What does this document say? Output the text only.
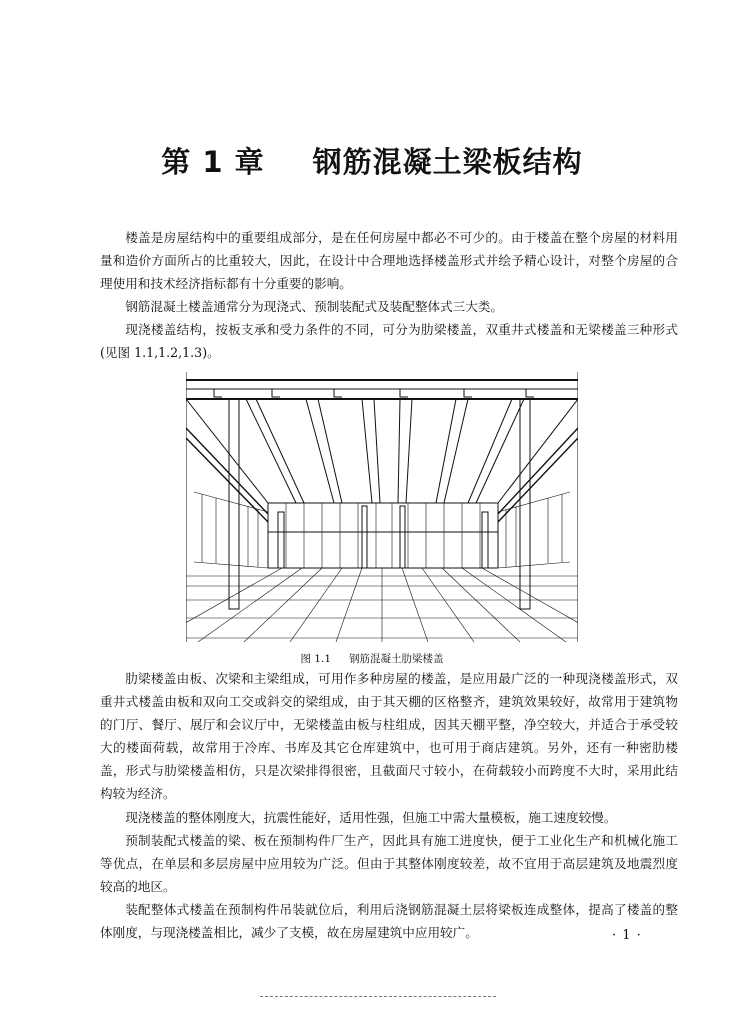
第 1 章 钢筋混凝土梁板结构

楼盖是房屋结构中的重要组成部分，是在任何房屋中都必不可少的。由于楼盖在整个房屋的材料用量和造价方面所占的比重较大，因此，在设计中合理地选择楼盖形式并绘予精心设计，对整个房屋的合理使用和技术经济指标都有十分重要的影响。

钢筋混凝土楼盖通常分为现浇式、预制装配式及装配整体式三大类。

现浇楼盖结构，按板支承和受力条件的不同，可分为肋梁楼盖，双重井式楼盖和无梁楼盖三种形式(见图 1.1,1.2,1.3)。

图 1.1 钢筋混凝土肋梁楼盖

肋梁楼盖由板、次梁和主梁组成，可用作多种房屋的楼盖，是应用最广泛的一种现浇楼盖形式，双重井式楼盖由板和双向工交或斜交的梁组成，由于其天棚的区格整齐，建筑效果较好，故常用于建筑物的门厅、餐厅、展厅和会议厅中，无梁楼盖由板与柱组成，因其天棚平整，净空较大，并适合于承受较大的楼面荷载，故常用于冷库、书库及其它仓库建筑中，也可用于商店建筑。另外，还有一种密肋楼盖，形式与肋梁楼盖相仿，只是次梁排得很密，且截面尺寸较小，在荷载较小而跨度不大时，采用此结构较为经济。

现浇楼盖的整体刚度大，抗震性能好，适用性强，但施工中需大量模板，施工速度较慢。

预制装配式楼盖的梁、板在预制构件厂生产，因此具有施工进度快，便于工业化生产和机械化施工等优点，在单层和多层房屋中应用较为广泛。但由于其整体刚度较差，故不宜用于高层建筑及地震烈度较高的地区。

装配整体式楼盖在预制构件吊装就位后，利用后浇钢筋混凝土层将梁板连成整体，提高了楼盖的整体刚度，与现浇楼盖相比，减少了支模，故在房屋建筑中应用较广。	· 1 ·
